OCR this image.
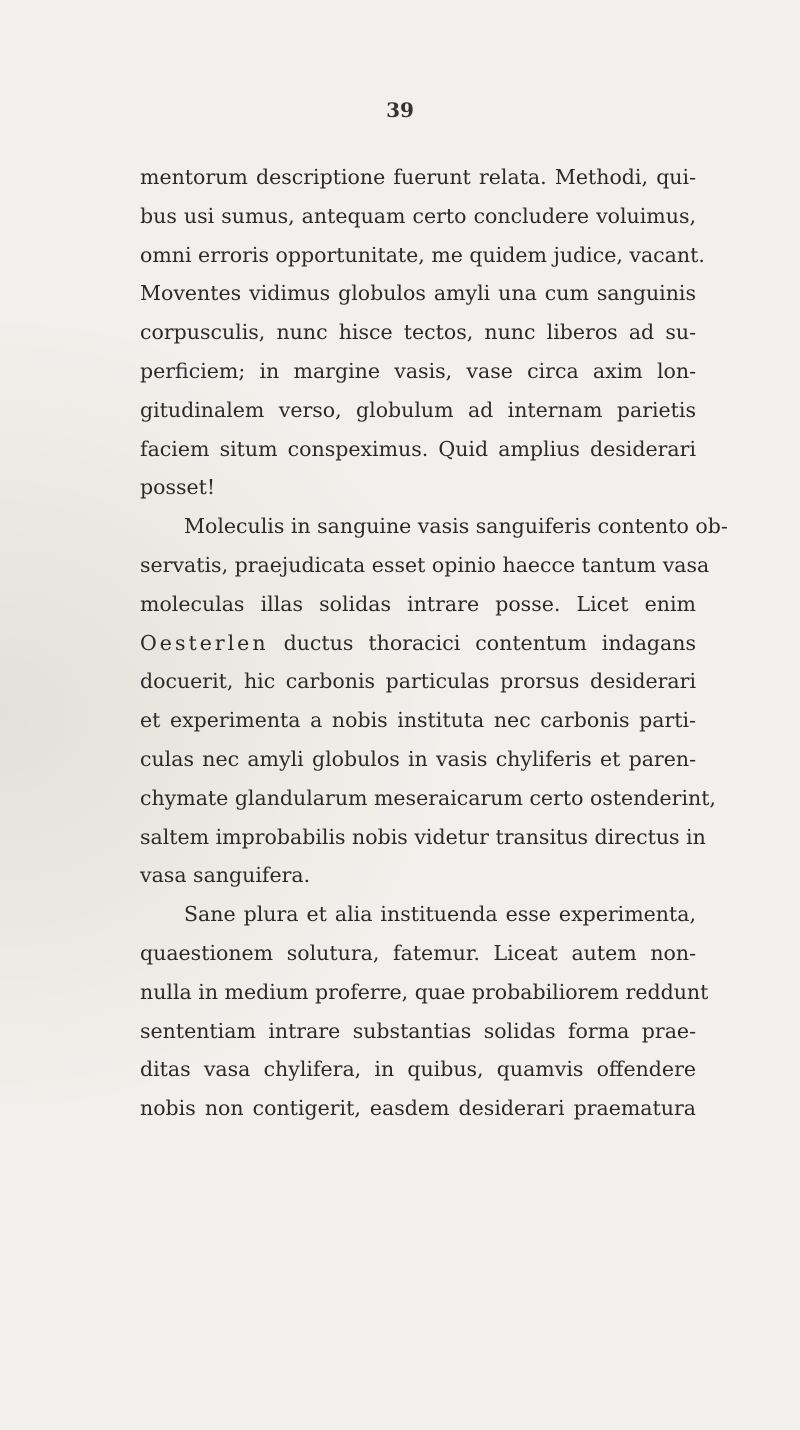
39
mentorum descriptione fuerunt relata. Methodi, qui-
bus usi sumus, antequam certo concludere voluimus,
omni erroris opportunitate, me quidem judice, vacant.
Moventes vidimus globulos amyli una cum sanguinis
corpusculis, nunc hisce tectos, nunc liberos ad su-
perficiem; in margine vasis, vase circa axim lon-
gitudinalem verso, globulum ad internam parietis
faciem situm conspeximus. Quid amplius desiderari
posset!
Moleculis in sanguine vasis sanguiferis contento ob-
servatis, praejudicata esset opinio haecce tantum vasa
moleculas illas solidas intrare posse. Licet enim
Oesterlen ductus thoracici contentum indagans
docuerit, hic carbonis particulas prorsus desiderari
et experimenta a nobis instituta nec carbonis parti-
culas nec amyli globulos in vasis chyliferis et paren-
chymate glandularum meseraicarum certo ostenderint,
saltem improbabilis nobis videtur transitus directus in
vasa sanguifera.
Sane plura et alia instituenda esse experimenta,
quaestionem solutura, fatemur. Liceat autem non-
nulla in medium proferre, quae probabiliorem reddunt
sententiam intrare substantias solidas forma prae-
ditas vasa chylifera, in quibus, quamvis offendere
nobis non contigerit, easdem desiderari praematura
